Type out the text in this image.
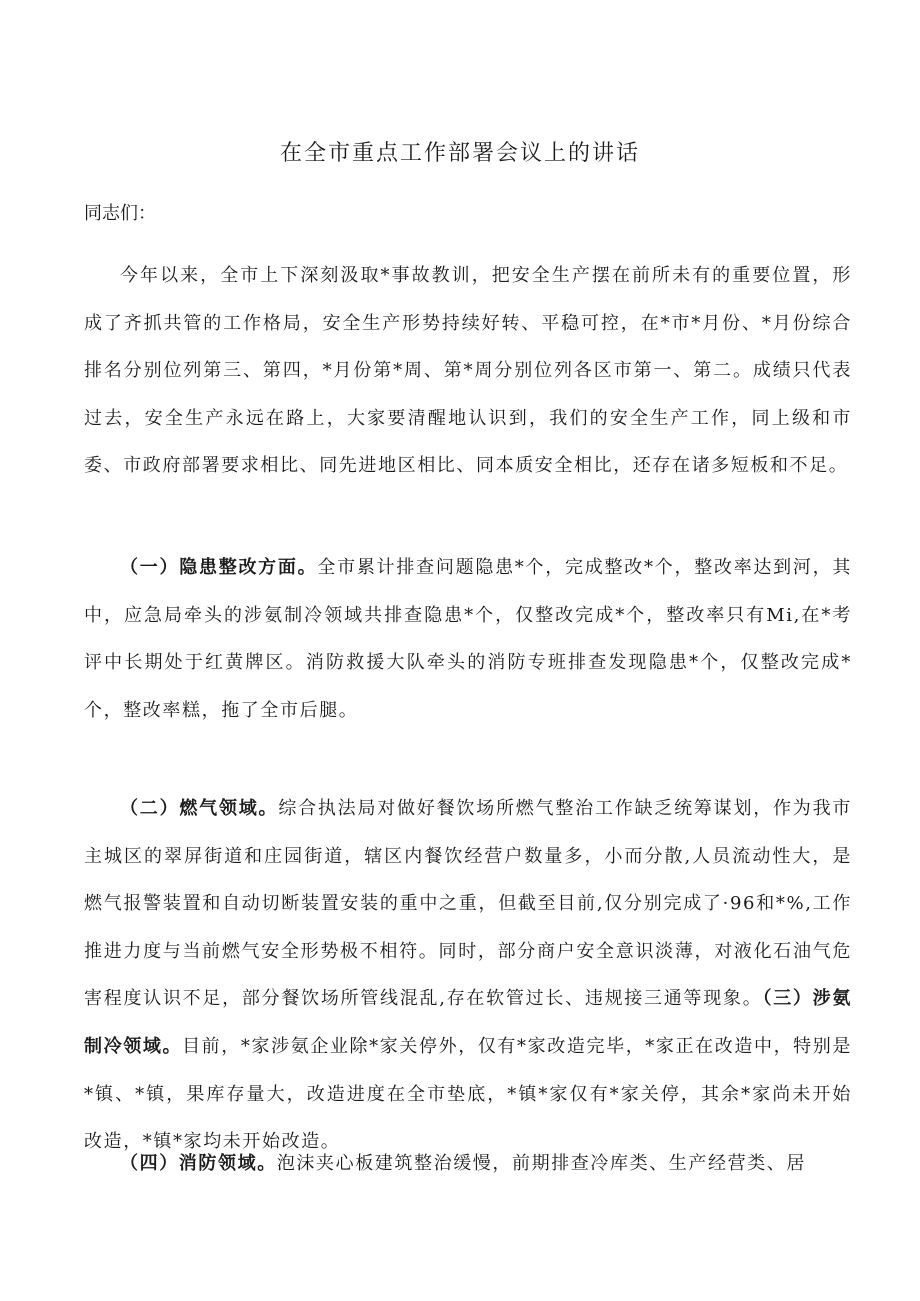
在全市重点工作部署会议上的讲话

同志们：

今年以来，全市上下深刻汲取*事故教训，把安全生产摆在前所未有的重要位置，形成了齐抓共管的工作格局，安全生产形势持续好转、平稳可控，在*市*月份、*月份综合排名分别位列第三、第四，*月份第*周、第*周分别位列各区市第一、第二。成绩只代表过去，安全生产永远在路上，大家要清醒地认识到，我们的安全生产工作，同上级和市委、市政府部署要求相比、同先进地区相比、同本质安全相比，还存在诸多短板和不足。

（一）隐患整改方面。全市累计排查问题隐患*个，完成整改*个，整改率达到河，其中，应急局牵头的涉氨制冷领域共排查隐患*个，仅整改完成*个，整改率只有Mi,在*考评中长期处于红黄牌区。消防救援大队牵头的消防专班排查发现隐患*个，仅整改完成*个，整改率糕，拖了全市后腿。

（二）燃气领域。综合执法局对做好餐饮场所燃气整治工作缺乏统筹谋划，作为我市主城区的翠屏街道和庄园街道，辖区内餐饮经营户数量多，小而分散,人员流动性大，是燃气报警装置和自动切断装置安装的重中之重，但截至目前,仅分别完成了·96和*%,工作推进力度与当前燃气安全形势极不相符。同时，部分商户安全意识淡薄，对液化石油气危害程度认识不足，部分餐饮场所管线混乱,存在软管过长、违规接三通等现象。（三）涉氨制冷领域。目前，*家涉氨企业除*家关停外，仅有*家改造完毕，*家正在改造中，特别是*镇、*镇，果库存量大，改造进度在全市垫底，*镇*家仅有*家关停，其余*家尚未开始改造，*镇*家均未开始改造。

（四）消防领域。泡沫夹心板建筑整治缓慢，前期排查冷库类、生产经营类、居
